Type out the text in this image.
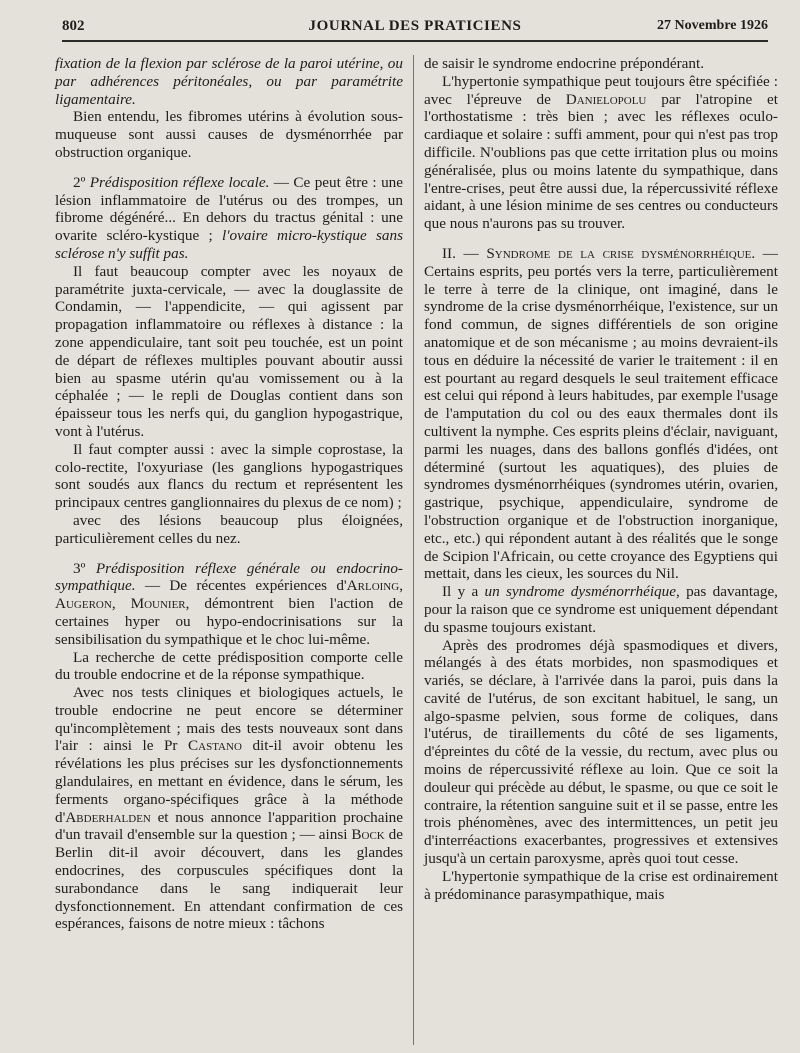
802	JOURNAL DES PRATICIENS	27 Novembre 1926

fixation de la flexion par sclérose de la paroi utérine, ou par adhérences péritonéales, ou par paramétrite ligamentaire.

Bien entendu, les fibromes utérins à évolution sous-muqueuse sont aussi causes de dysménorrhée par obstruction organique.

2º Prédisposition réflexe locale. — Ce peut être : une lésion inflammatoire de l'utérus ou des trompes, un fibrome dégénéré... En dehors du tractus génital : une ovarite scléro-kystique ; l'ovaire micro-kystique sans sclérose n'y suffit pas.

Il faut beaucoup compter avec les noyaux de paramétrite juxta-cervicale, — avec la douglassite de Condamin, — l'appendicite, — qui agissent par propagation inflammatoire ou réflexes à distance : la zone appendiculaire, tant soit peu touchée, est un point de départ de réflexes multiples pouvant aboutir aussi bien au spasme utérin qu'au vomissement ou à la céphalée ; — le repli de Douglas contient dans son épaisseur tous les nerfs qui, du ganglion hypogastrique, vont à l'utérus.

Il faut compter aussi : avec la simple coprostase, la colo-rectite, l'oxyuriase (les ganglions hypogastriques sont soudés aux flancs du rectum et représentent les principaux centres ganglionnaires du plexus de ce nom) ;

avec des lésions beaucoup plus éloignées, particulièrement celles du nez.

3º Prédisposition réflexe générale ou endocrino-sympathique. — De récentes expériences d'Arloing, Augeron, Mounier, démontrent bien l'action de certaines hyper ou hypo-endocrinisations sur la sensibilisation du sympathique et le choc lui-même.

La recherche de cette prédisposition comporte celle du trouble endocrine et de la réponse sympathique.

Avec nos tests cliniques et biologiques actuels, le trouble endocrine ne peut encore se déterminer qu'incomplètement ; mais des tests nouveaux sont dans l'air : ainsi le Pr Castano dit-il avoir obtenu les révélations les plus précises sur les dysfonctionnements glandulaires, en mettant en évidence, dans le sérum, les ferments organo-spécifiques grâce à la méthode d'Abderhalden et nous annonce l'apparition prochaine d'un travail d'ensemble sur la question ; — ainsi Bock de Berlin dit-il avoir découvert, dans les glandes endocrines, des corpuscules spécifiques dont la surabondance dans le sang indiquerait leur dysfonctionnement. En attendant confirmation de ces espérances, faisons de notre mieux : tâchons

de saisir le syndrome endocrine prépondérant.

L'hypertonie sympathique peut toujours être spécifiée : avec l'épreuve de Danielopolu par l'atropine et l'orthostatisme : très bien ; avec les réflexes oculo-cardiaque et solaire : suffi amment, pour qui n'est pas trop difficile. N'oublions pas que cette irritation plus ou moins généralisée, plus ou moins latente du sympathique, dans l'entre-crises, peut être aussi due, la répercussivité réflexe aidant, à une lésion minime de ses centres ou conducteurs que nous n'aurons pas su trouver.

II. — Syndrome de la crise dysménorrhéique. — Certains esprits, peu portés vers la terre, particulièrement le terre à terre de la clinique, ont imaginé, dans le syndrome de la crise dysménorrhéique, l'existence, sur un fond commun, de signes différentiels de son origine anatomique et de son mécanisme ; au moins devraient-ils tous en déduire la nécessité de varier le traitement : il en est pourtant au regard desquels le seul traitement efficace est celui qui répond à leurs habitudes, par exemple l'usage de l'amputation du col ou des eaux thermales dont ils cultivent la nymphe. Ces esprits pleins d'éclair, naviguant, parmi les nuages, dans des ballons gonflés d'idées, ont déterminé (surtout les aquatiques), des pluies de syndromes dysménorrhéiques (syndromes utérin, ovarien, gastrique, psychique, appendiculaire, syndrome de l'obstruction organique et de l'obstruction inorganique, etc., etc.) qui répondent autant à des réalités que le songe de Scipion l'Africain, ou cette croyance des Egyptiens qui mettait, dans les cieux, les sources du Nil.

Il y a un syndrome dysménorrhéique, pas davantage, pour la raison que ce syndrome est uniquement dépendant du spasme toujours existant.

Après des prodromes déjà spasmodiques et divers, mélangés à des états morbides, non spasmodiques et variés, se déclare, à l'arrivée dans la paroi, puis dans la cavité de l'utérus, de son excitant habituel, le sang, un algo-spasme pelvien, sous forme de coliques, dans l'utérus, de tiraillements du côté de ses ligaments, d'épreintes du côté de la vessie, du rectum, avec plus ou moins de répercussivité réflexe au loin. Que ce soit la douleur qui précède au début, le spasme, ou que ce soit le contraire, la rétention sanguine suit et il se passe, entre les trois phénomènes, avec des intermittences, un petit jeu d'interréactions exacerbantes, progressives et extensives jusqu'à un certain paroxysme, après quoi tout cesse.

L'hypertonie sympathique de la crise est ordinairement à prédominance parasympathique, mais
